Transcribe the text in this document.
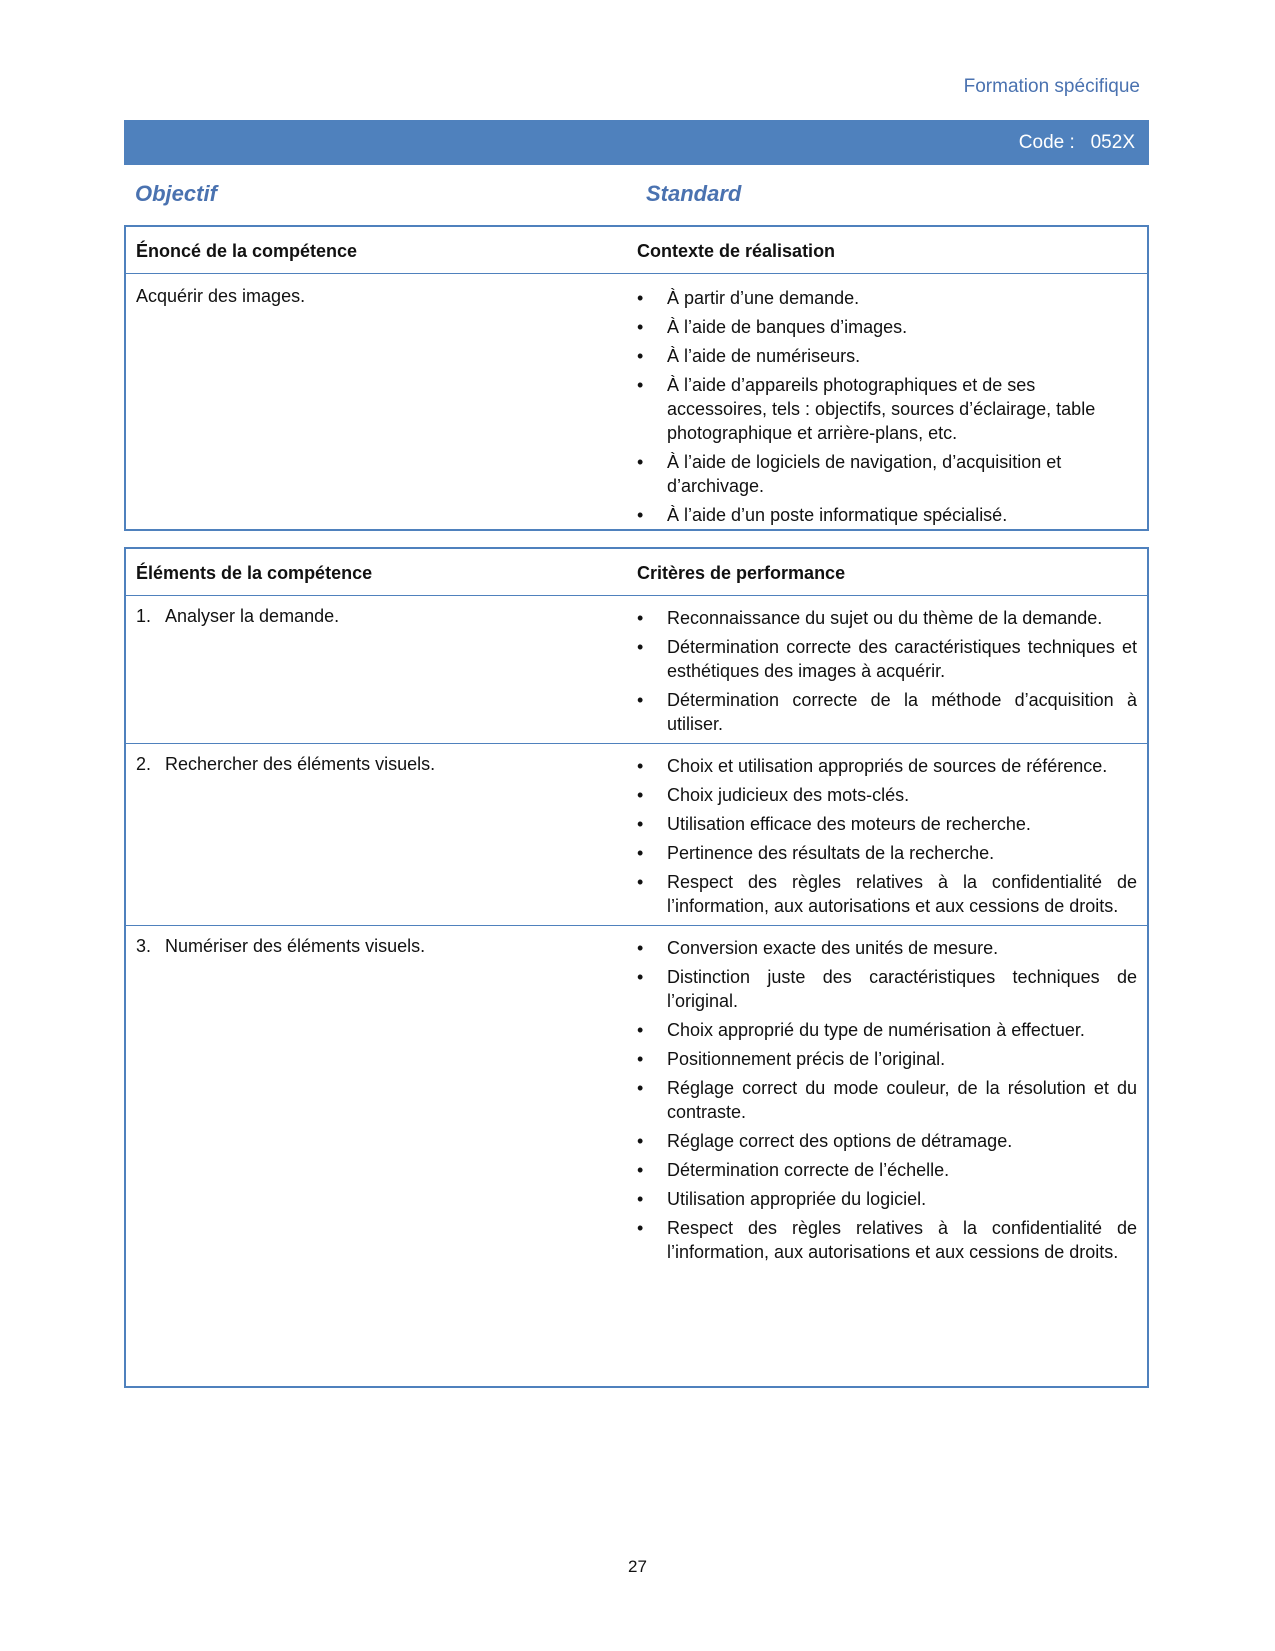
Formation spécifique
Code :   052X
Objectif	Standard
Énoncé de la compétence	Contexte de réalisation
Acquérir des images.	• À partir d’une demande.
• À l’aide de banques d’images.
• À l’aide de numériseurs.
• À l’aide d’appareils photographiques et de ses accessoires, tels : objectifs, sources d’éclairage, table photographique et arrière-plans, etc.
• À l’aide de logiciels de navigation, d’acquisition et d’archivage.
• À l’aide d’un poste informatique spécialisé.
Éléments de la compétence	Critères de performance
1. Analyser la demande.	• Reconnaissance du sujet ou du thème de la demande.
• Détermination correcte des caractéristiques techniques et esthétiques des images à acquérir.
• Détermination correcte de la méthode d’acquisition à utiliser.
2. Rechercher des éléments visuels.	• Choix et utilisation appropriés de sources de référence.
• Choix judicieux des mots-clés.
• Utilisation efficace des moteurs de recherche.
• Pertinence des résultats de la recherche.
• Respect des règles relatives à la confidentialité de l’information, aux autorisations et aux cessions de droits.
3. Numériser des éléments visuels.	• Conversion exacte des unités de mesure.
• Distinction juste des caractéristiques techniques de l’original.
• Choix approprié du type de numérisation à effectuer.
• Positionnement précis de l’original.
• Réglage correct du mode couleur, de la résolution et du contraste.
• Réglage correct des options de détramage.
• Détermination correcte de l’échelle.
• Utilisation appropriée du logiciel.
• Respect des règles relatives à la confidentialité de l’information, aux autorisations et aux cessions de droits.
27
